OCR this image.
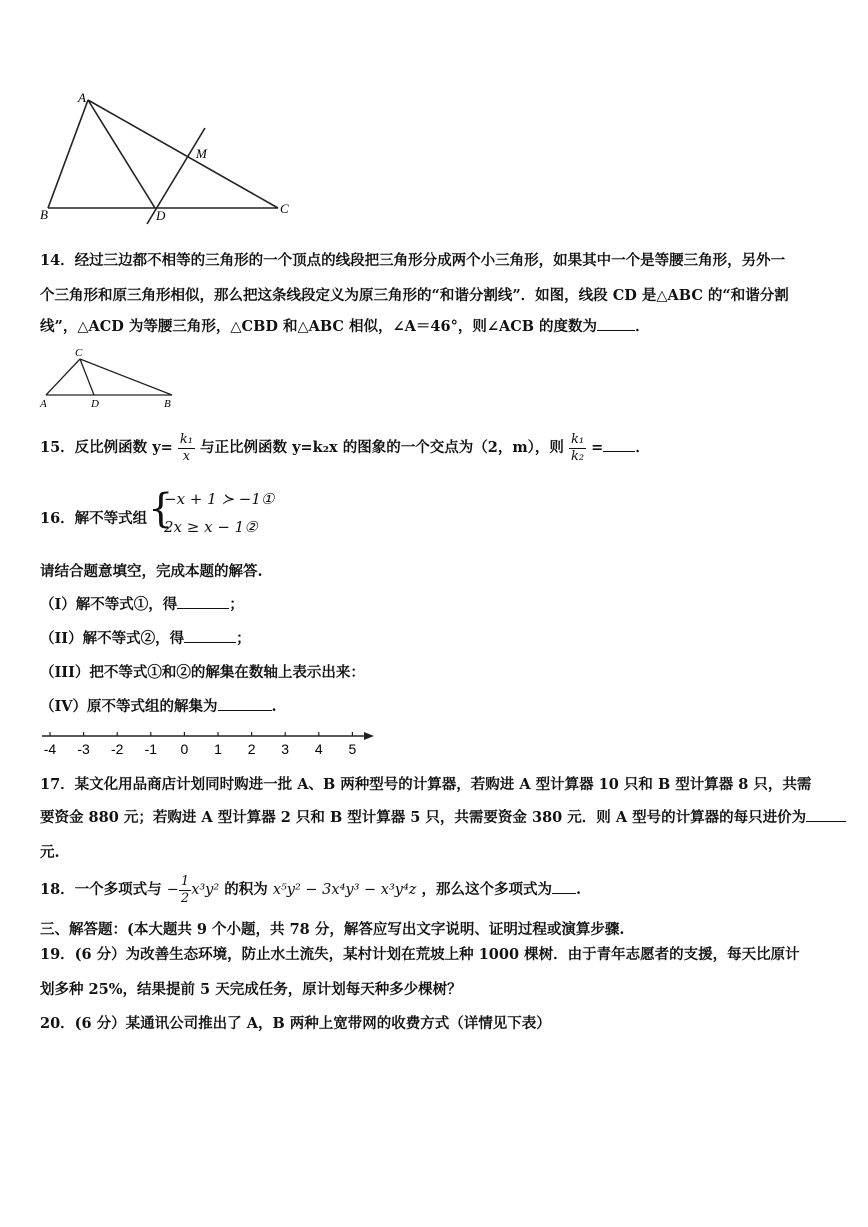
A
B	C
D
M
14．经过三边都不相等的三角形的一个顶点的线段把三角形分成两个小三角形，如果其中一个是等腰三角形，另外一
个三角形和原三角形相似，那么把这条线段定义为原三角形的“和谐分割线”．如图，线段 CD 是△ABC 的“和谐分割
线”，△ACD 为等腰三角形，△CBD 和△ABC 相似，∠A＝46°，则∠ACB 的度数为	．
C
A	D	B
15．反比例函数 $y= \frac{\text{k₁}}{x}$ 与正比例函数 y=k₂x 的图象的一个交点为（2，m），则 $\frac{\text{k₁}}{\text{k₂}}$ = ．
16．解不等式组 {
−x + 1 ≻ −1①
2x ≥ x − 1②
请结合题意填空，完成本题的解答.
（I）解不等式①，得	；
（II）解不等式②，得	；
（III）把不等式①和②的解集在数轴上表示出来：
（IV）原不等式组的解集为	.
-4 -3 -2 -1 0 1 2 3 4 5
17．某文化用品商店计划同时购进一批 A、B 两种型号的计算器，若购进 A 型计算器 10 只和 B 型计算器 8 只，共需
要资金 880 元；若购进 A 型计算器 2 只和 B 型计算器 5 只，共需要资金 380 元．则 A 型号的计算器的每只进价为
元.
18．一个多项式与 − $\frac{1}{2} x^3y^2$ 的积为 x⁵y² − 3x⁴y³ − x³y⁴z ，那么这个多项式为 .
三、解答题：(本大题共 9 个小题，共 78 分，解答应写出文字说明、证明过程或演算步骤.
19．(6 分）为改善生态环境，防止水土流失，某村计划在荒坡上种 1000 棵树．由于青年志愿者的支援，每天比原计
划多种 25%，结果提前 5 天完成任务，原计划每天种多少棵树？
20．(6 分）某通讯公司推出了 A，B 两种上宽带网的收费方式（详情见下表）
